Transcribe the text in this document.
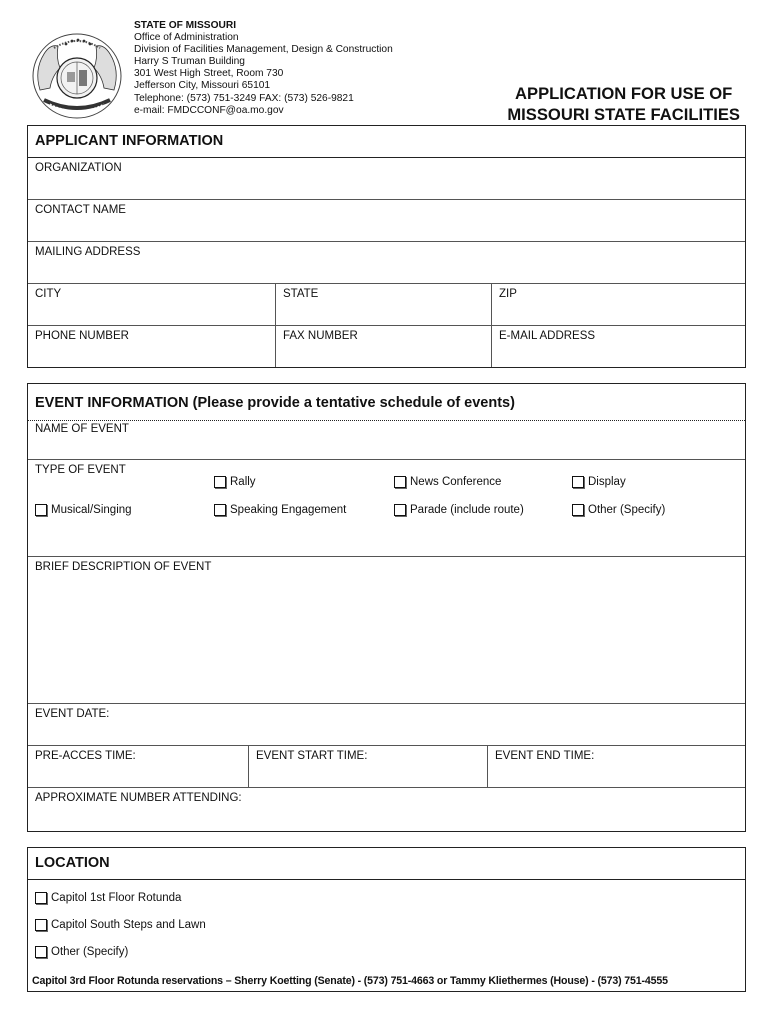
STATE OF MISSOURI
Office of Administration
Division of Facilities Management, Design & Construction
Harry S Truman Building
301 West High Street, Room 730
Jefferson City, Missouri 65101
Telephone: (573) 751-3249 FAX: (573) 526-9821
e-mail: FMDCCONF@oa.mo.gov
APPLICATION FOR USE OF
MISSOURI STATE FACILITIES
APPLICANT INFORMATION
ORGANIZATION
CONTACT NAME
MAILING ADDRESS
CITY	STATE	ZIP
PHONE NUMBER	FAX NUMBER	E-MAIL ADDRESS
EVENT INFORMATION (Please provide a tentative schedule of events)
NAME OF EVENT
TYPE OF EVENT
Rally	News Conference	Display
Musical/Singing	Speaking Engagement	Parade (include route)	Other (Specify)
BRIEF DESCRIPTION OF EVENT
EVENT DATE:
PRE-ACCES TIME:	EVENT START TIME:	EVENT END TIME:
APPROXIMATE NUMBER ATTENDING:
LOCATION
Capitol 1st Floor Rotunda
Capitol South Steps and Lawn
Other (Specify)
Capitol 3rd Floor Rotunda reservations – Sherry Koetting (Senate) - (573) 751-4663 or Tammy Kliethermes (House) - (573) 751-4555
